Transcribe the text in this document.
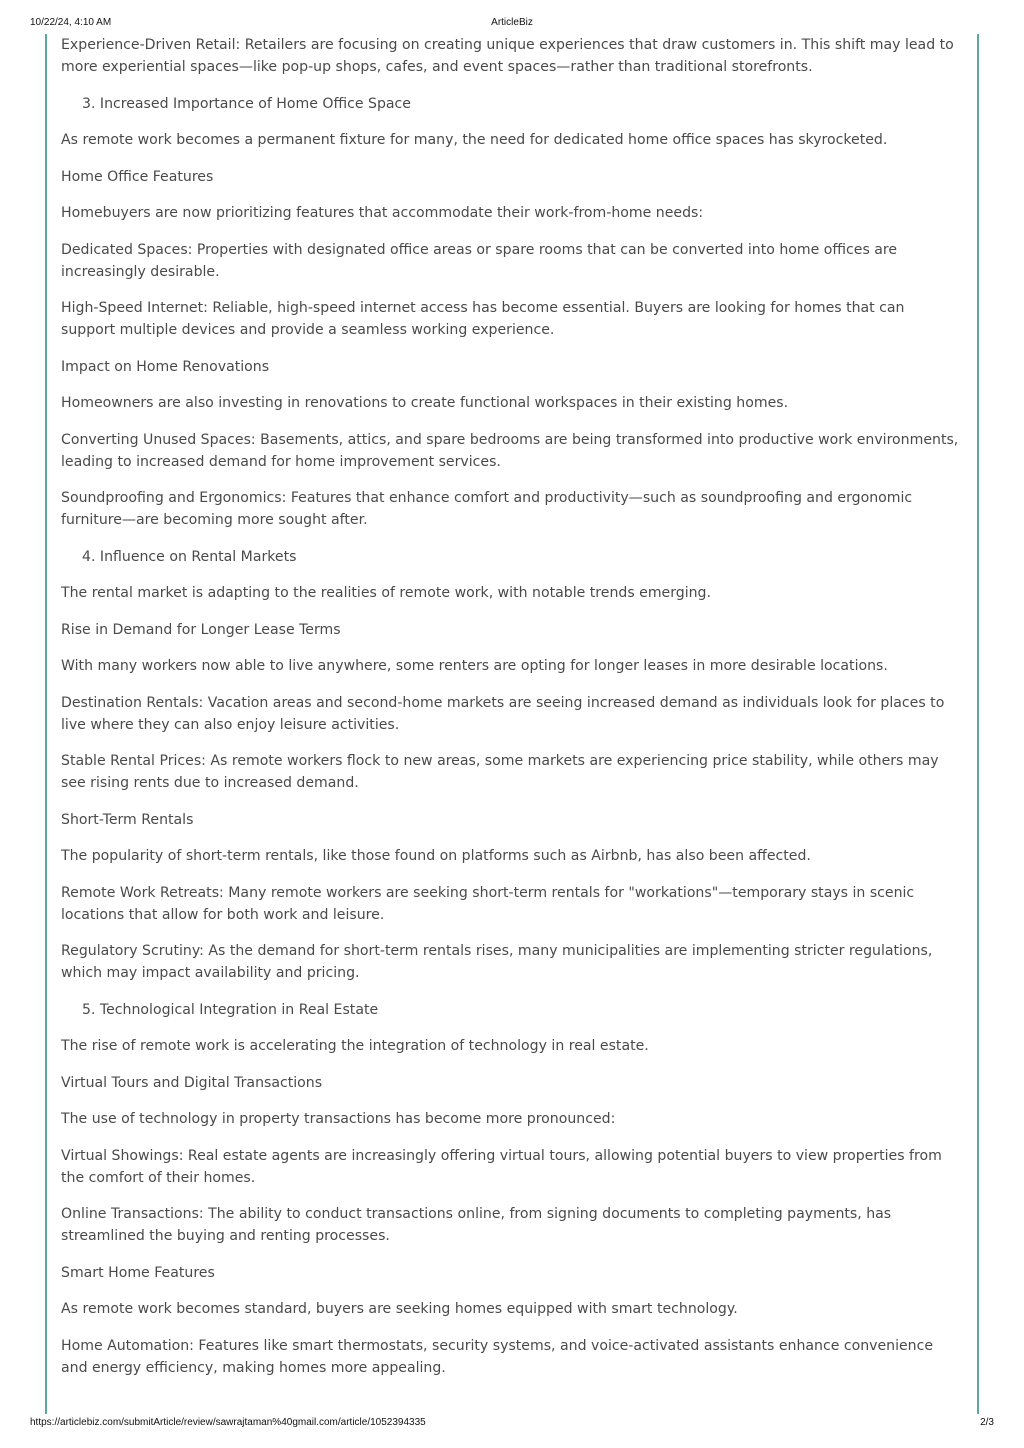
10/22/24, 4:10 AM	ArticleBiz

Experience-Driven Retail: Retailers are focusing on creating unique experiences that draw customers in. This shift may lead to more experiential spaces—like pop-up shops, cafes, and event spaces—rather than traditional storefronts.

3. Increased Importance of Home Office Space

As remote work becomes a permanent fixture for many, the need for dedicated home office spaces has skyrocketed.

Home Office Features

Homebuyers are now prioritizing features that accommodate their work-from-home needs:

Dedicated Spaces: Properties with designated office areas or spare rooms that can be converted into home offices are increasingly desirable.

High-Speed Internet: Reliable, high-speed internet access has become essential. Buyers are looking for homes that can support multiple devices and provide a seamless working experience.

Impact on Home Renovations

Homeowners are also investing in renovations to create functional workspaces in their existing homes.

Converting Unused Spaces: Basements, attics, and spare bedrooms are being transformed into productive work environments, leading to increased demand for home improvement services.

Soundproofing and Ergonomics: Features that enhance comfort and productivity—such as soundproofing and ergonomic furniture—are becoming more sought after.

4. Influence on Rental Markets

The rental market is adapting to the realities of remote work, with notable trends emerging.

Rise in Demand for Longer Lease Terms

With many workers now able to live anywhere, some renters are opting for longer leases in more desirable locations.

Destination Rentals: Vacation areas and second-home markets are seeing increased demand as individuals look for places to live where they can also enjoy leisure activities.

Stable Rental Prices: As remote workers flock to new areas, some markets are experiencing price stability, while others may see rising rents due to increased demand.

Short-Term Rentals

The popularity of short-term rentals, like those found on platforms such as Airbnb, has also been affected.

Remote Work Retreats: Many remote workers are seeking short-term rentals for "workations"—temporary stays in scenic locations that allow for both work and leisure.

Regulatory Scrutiny: As the demand for short-term rentals rises, many municipalities are implementing stricter regulations, which may impact availability and pricing.

5. Technological Integration in Real Estate

The rise of remote work is accelerating the integration of technology in real estate.

Virtual Tours and Digital Transactions

The use of technology in property transactions has become more pronounced:

Virtual Showings: Real estate agents are increasingly offering virtual tours, allowing potential buyers to view properties from the comfort of their homes.

Online Transactions: The ability to conduct transactions online, from signing documents to completing payments, has streamlined the buying and renting processes.

Smart Home Features

As remote work becomes standard, buyers are seeking homes equipped with smart technology.

Home Automation: Features like smart thermostats, security systems, and voice-activated assistants enhance convenience and energy efficiency, making homes more appealing.

https://articlebiz.com/submitArticle/review/sawrajtaman%40gmail.com/article/1052394335	2/3
